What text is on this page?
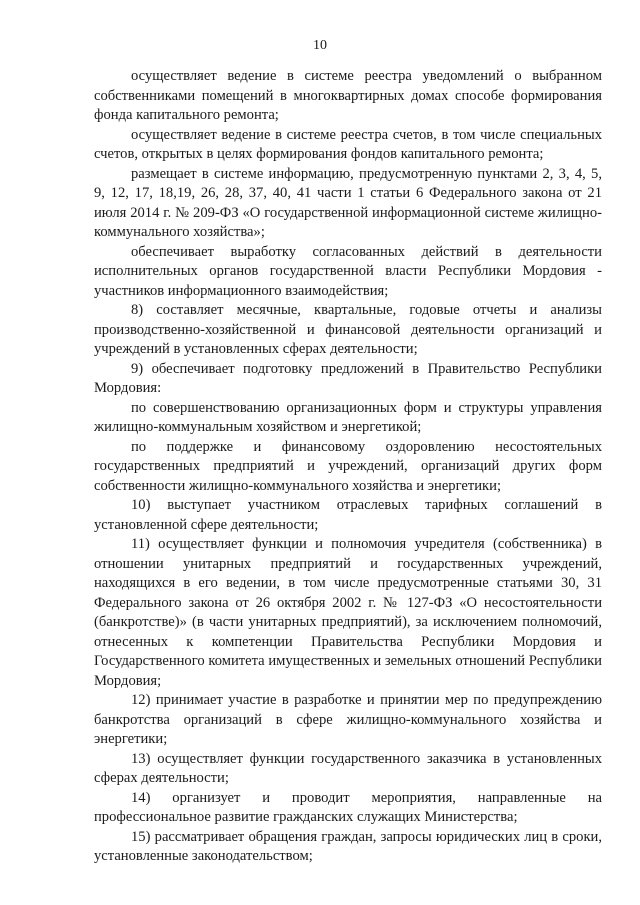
10

осуществляет ведение в системе реестра уведомлений о выбранном собственниками помещений в многоквартирных домах способе формирования фонда капитального ремонта;

осуществляет ведение в системе реестра счетов, в том числе специальных счетов, открытых в целях формирования фондов капитального ремонта;

размещает в системе информацию, предусмотренную пунктами 2, 3, 4, 5, 9, 12, 17, 18,19, 26, 28, 37, 40, 41 части 1 статьи 6 Федерального закона от 21 июля 2014 г. № 209-ФЗ «О государственной информационной системе жилищно-коммунального хозяйства»;

обеспечивает выработку согласованных действий в деятельности исполнительных органов государственной власти Республики Мордовия - участников информационного взаимодействия;

8) составляет месячные, квартальные, годовые отчеты и анализы производственно-хозяйственной и финансовой деятельности организаций и учреждений в установленных сферах деятельности;

9) обеспечивает подготовку предложений в Правительство Республики Мордовия:

по совершенствованию организационных форм и структуры управления жилищно-коммунальным хозяйством и энергетикой;

по поддержке и финансовому оздоровлению несостоятельных государственных предприятий и учреждений, организаций других форм собственности жилищно-коммунального хозяйства и энергетики;

10) выступает участником отраслевых тарифных соглашений в установленной сфере деятельности;

11) осуществляет функции и полномочия учредителя (собственника) в отношении унитарных предприятий и государственных учреждений, находящихся в его ведении, в том числе предусмотренные статьями 30, 31 Федерального закона от 26 октября 2002 г. № 127-ФЗ «О несостоятельности (банкротстве)» (в части унитарных предприятий), за исключением полномочий, отнесенных к компетенции Правительства Республики Мордовия и Государственного комитета имущественных и земельных отношений Республики Мордовия;

12) принимает участие в разработке и принятии мер по предупреждению банкротства организаций в сфере жилищно-коммунального хозяйства и энергетики;

13) осуществляет функции государственного заказчика в установленных сферах деятельности;

14) организует и проводит мероприятия, направленные на профессиональное развитие гражданских служащих Министерства;

15) рассматривает обращения граждан, запросы юридических лиц в сроки, установленные законодательством;
